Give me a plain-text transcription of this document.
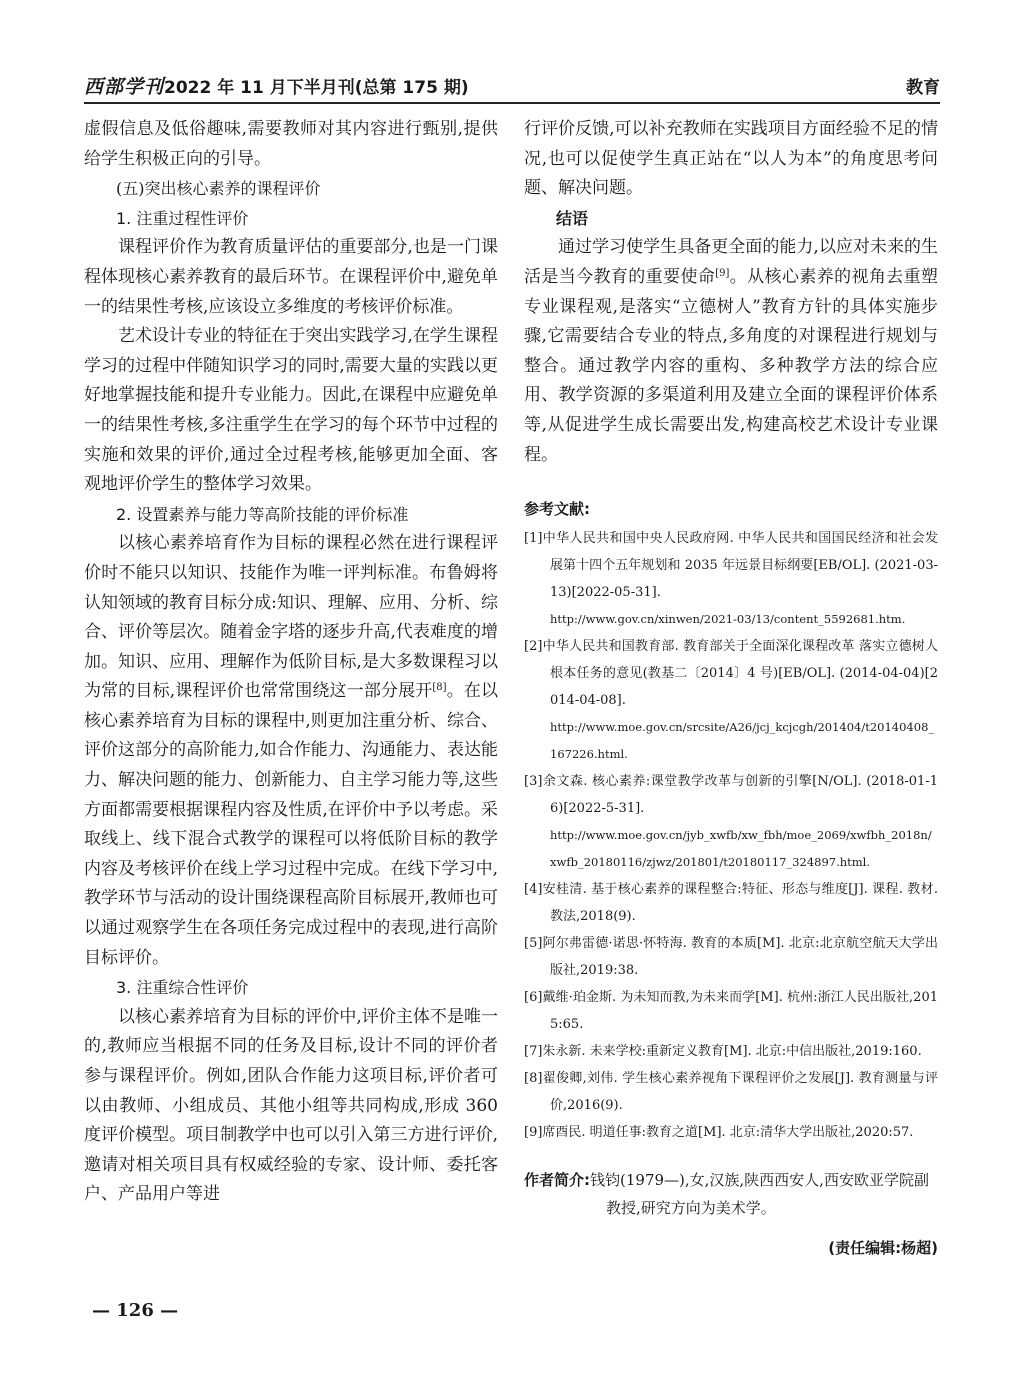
西部学刊 2022 年 11 月下半月刊(总第 175 期)	教育

虚假信息及低俗趣味,需要教师对其内容进行甄别,提供给学生积极正向的引导。

(五)突出核心素养的课程评价

1. 注重过程性评价

课程评价作为教育质量评估的重要部分,也是一门课程体现核心素养教育的最后环节。在课程评价中,避免单一的结果性考核,应该设立多维度的考核评价标准。

艺术设计专业的特征在于突出实践学习,在学生课程学习的过程中伴随知识学习的同时,需要大量的实践以更好地掌握技能和提升专业能力。因此,在课程中应避免单一的结果性考核,多注重学生在学习的每个环节中过程的实施和效果的评价,通过全过程考核,能够更加全面、客观地评价学生的整体学习效果。

2. 设置素养与能力等高阶技能的评价标准

以核心素养培育作为目标的课程必然在进行课程评价时不能只以知识、技能作为唯一评判标准。布鲁姆将认知领域的教育目标分成:知识、理解、应用、分析、综合、评价等层次。随着金字塔的逐步升高,代表难度的增加。知识、应用、理解作为低阶目标,是大多数课程习以为常的目标,课程评价也常常围绕这一部分展开[8]。在以核心素养培育为目标的课程中,则更加注重分析、综合、评价这部分的高阶能力,如合作能力、沟通能力、表达能力、解决问题的能力、创新能力、自主学习能力等,这些方面都需要根据课程内容及性质,在评价中予以考虑。采取线上、线下混合式教学的课程可以将低阶目标的教学内容及考核评价在线上学习过程中完成。在线下学习中,教学环节与活动的设计围绕课程高阶目标展开,教师也可以通过观察学生在各项任务完成过程中的表现,进行高阶目标评价。

3. 注重综合性评价

以核心素养培育为目标的评价中,评价主体不是唯一的,教师应当根据不同的任务及目标,设计不同的评价者参与课程评价。例如,团队合作能力这项目标,评价者可以由教师、小组成员、其他小组等共同构成,形成 360 度评价模型。项目制教学中也可以引入第三方进行评价,邀请对相关项目具有权威经验的专家、设计师、委托客户、产品用户等进

行评价反馈,可以补充教师在实践项目方面经验不足的情况,也可以促使学生真正站在“以人为本”的角度思考问题、解决问题。

结语

通过学习使学生具备更全面的能力,以应对未来的生活是当今教育的重要使命[9]。从核心素养的视角去重塑专业课程观,是落实“立德树人”教育方针的具体实施步骤,它需要结合专业的特点,多角度的对课程进行规划与整合。通过教学内容的重构、多种教学方法的综合应用、教学资源的多渠道利用及建立全面的课程评价体系等,从促进学生成长需要出发,构建高校艺术设计专业课程。

参考文献:

[1]中华人民共和国中央人民政府网. 中华人民共和国国民经济和社会发展第十四个五年规划和 2035 年远景目标纲要[EB/OL]. (2021-03-13)[2022-05-31].
http://www.gov.cn/xinwen/2021-03/13/content_5592681.htm.

[2]中华人民共和国教育部. 教育部关于全面深化课程改革 落实立德树人根本任务的意见(教基二〔2014〕4 号)[EB/OL]. (2014-04-04)[2014-04-08].
http://www.moe.gov.cn/srcsite/A26/jcj_kcjcgh/201404/t20140408_167226.html.

[3]余文森. 核心素养:课堂教学改革与创新的引擎[N/OL]. (2018-01-16)[2022-5-31].
http://www.moe.gov.cn/jyb_xwfb/xw_fbh/moe_2069/xwfbh_2018n/xwfb_20180116/zjwz/201801/t20180117_324897.html.

[4]安桂清. 基于核心素养的课程整合:特征、形态与维度[J]. 课程. 教材. 教法,2018(9).

[5]阿尔弗雷德·诺思·怀特海. 教育的本质[M]. 北京:北京航空航天大学出版社,2019:38.

[6]戴维·珀金斯. 为未知而教,为未来而学[M]. 杭州:浙江人民出版社,2015:65.

[7]朱永新. 未来学校:重新定义教育[M]. 北京:中信出版社,2019:160.

[8]翟俊卿,刘伟. 学生核心素养视角下课程评价之发展[J]. 教育测量与评价,2016(9).

[9]席酉民. 明道任事:教育之道[M]. 北京:清华大学出版社,2020:57.

作者简介:钱钧(1979—),女,汉族,陕西西安人,西安欧亚学院副教授,研究方向为美术学。

(责任编辑:杨超)
— 126 —
